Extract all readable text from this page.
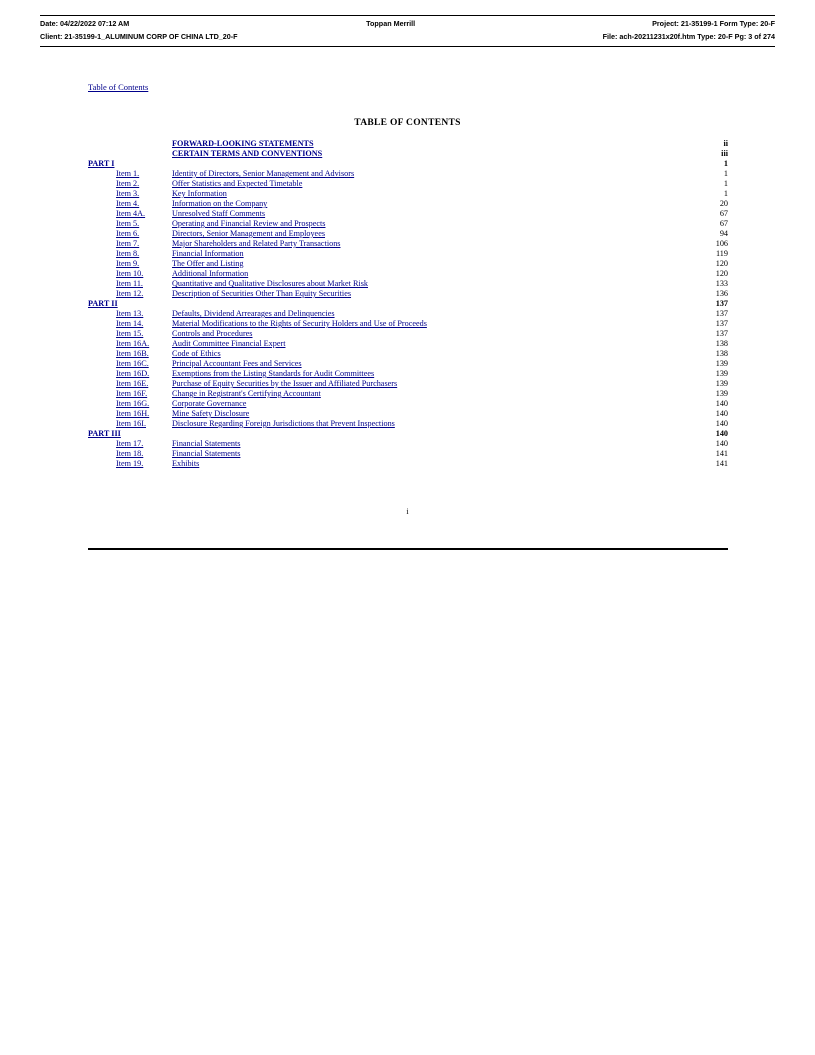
Date: 04/22/2022 07:12 AM	Toppan Merrill	Project: 21-35199-1 Form Type: 20-F
Client: 21-35199-1_ALUMINUM CORP OF CHINA LTD_20-F	File: ach-20211231x20f.htm Type: 20-F Pg: 3 of 274
Table of Contents
TABLE OF CONTENTS
	FORWARD-LOOKING STATEMENTS	ii
	CERTAIN TERMS AND CONVENTIONS	iii
PART I		1
Item 1.	Identity of Directors, Senior Management and Advisors	1
Item 2.	Offer Statistics and Expected Timetable	1
Item 3.	Key Information	1
Item 4.	Information on the Company	20
Item 4A.	Unresolved Staff Comments	67
Item 5.	Operating and Financial Review and Prospects	67
Item 6.	Directors, Senior Management and Employees	94
Item 7.	Major Shareholders and Related Party Transactions	106
Item 8.	Financial Information	119
Item 9.	The Offer and Listing	120
Item 10.	Additional Information	120
Item 11.	Quantitative and Qualitative Disclosures about Market Risk	133
Item 12.	Description of Securities Other Than Equity Securities	136
PART II		137
Item 13.	Defaults, Dividend Arrearages and Delinquencies	137
Item 14.	Material Modifications to the Rights of Security Holders and Use of Proceeds	137
Item 15.	Controls and Procedures	137
Item 16A.	Audit Committee Financial Expert	138
Item 16B.	Code of Ethics	138
Item 16C.	Principal Accountant Fees and Services	139
Item 16D.	Exemptions from the Listing Standards for Audit Committees	139
Item 16E.	Purchase of Equity Securities by the Issuer and Affiliated Purchasers	139
Item 16F.	Change in Registrant's Certifying Accountant	139
Item 16G.	Corporate Governance	140
Item 16H.	Mine Safety Disclosure	140
Item 16I.	Disclosure Regarding Foreign Jurisdictions that Prevent Inspections	140
PART III		140
Item 17.	Financial Statements	140
Item 18.	Financial Statements	141
Item 19.	Exhibits	141
i
